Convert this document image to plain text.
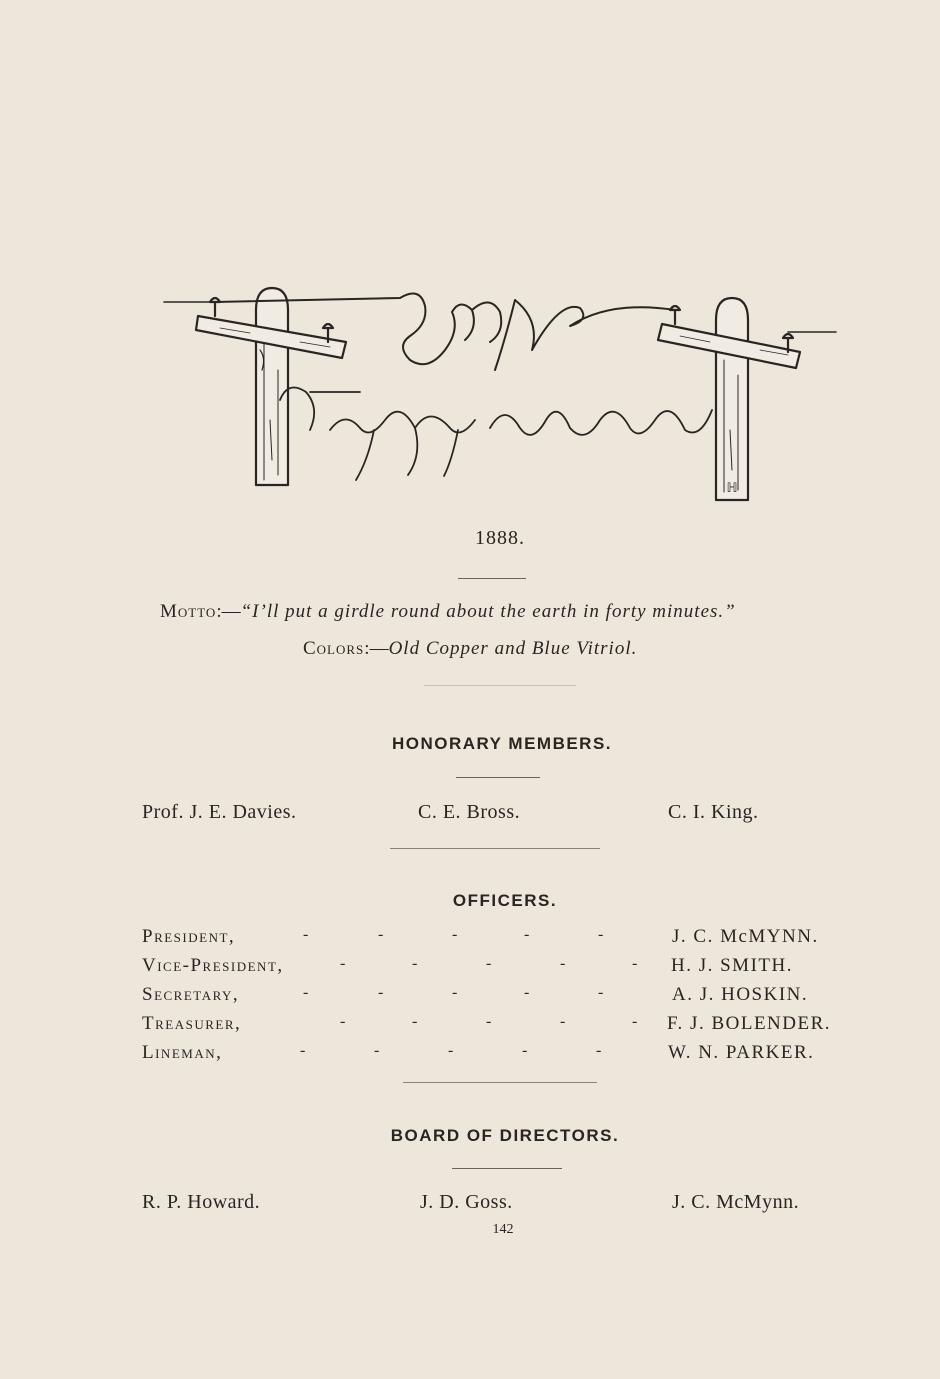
ℍ
1888.
Motto:—“I’ll put a girdle round about the earth in forty minutes.”
Colors:—Old Copper and Blue Vitriol.
HONORARY MEMBERS.
Prof. J. E. Davies.	C. E. Bross.	C. I. King.
OFFICERS.
President,	-	-	-	-	-	J. C. McMYNN.
Vice-President,	-	-	-	-	- H. J. SMITH.
Secretary,	-	-	-	-	-	A. J. HOSKIN.
Treasurer,	-	-	-	-	- F. J. BOLENDER.
Lineman,	-	-	-	-	-	W. N. PARKER.
BOARD OF DIRECTORS.
R. P. Howard.	J. D. Goss.	J. C. McMynn.
142
